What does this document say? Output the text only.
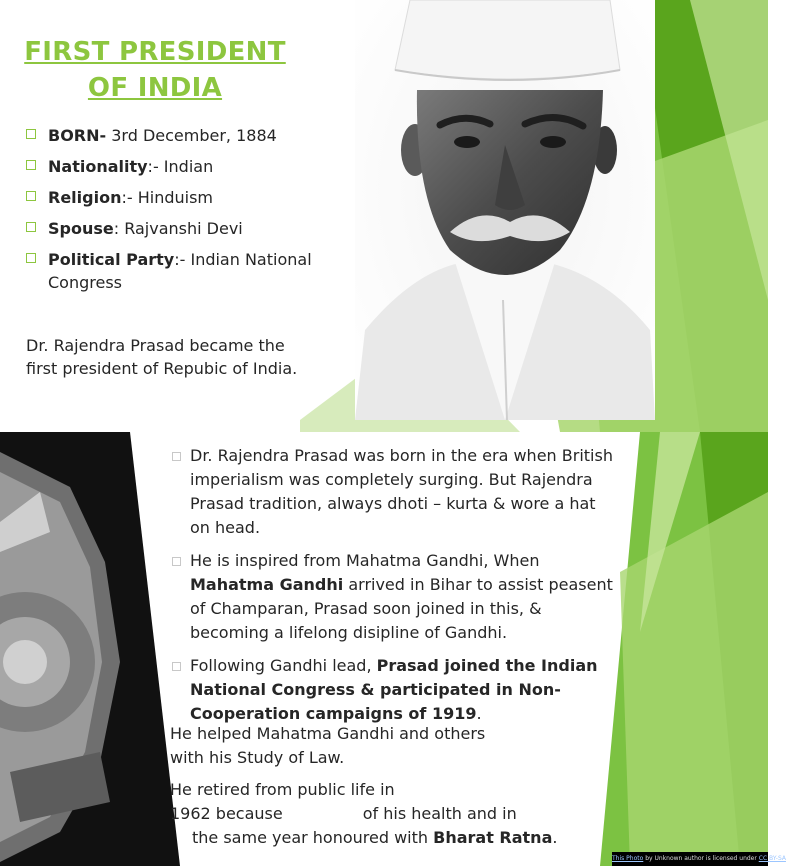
FIRST PRESIDENT
OF INDIA
BORN- 3rd December, 1884
Nationality:- Indian
Religion:- Hinduism
Spouse: Rajvanshi Devi
Political Party:- Indian National Congress
Dr. Rajendra Prasad became the first president of Repubic of India.
Dr. Rajendra Prasad was born in the era when British imperialism was completely surging. But Rajendra Prasad tradition, always dhoti – kurta & wore a hat on head.
He is inspired from Mahatma Gandhi, When Mahatma Gandhi arrived in Bihar to assist peasent of Champaran, Prasad soon joined in this, & becoming a lifelong disipline of Gandhi.
Following Gandhi lead, Prasad joined the Indian National Congress & participated in Non- Cooperation campaigns of 1919.
He helped Mahatma Gandhi and others
with his Study of Law.
He retired from public life in
1962 because	of his health and in
the same year honoured with Bharat Ratna.
This Photo by Unknown author is licensed under CC BY-SA
